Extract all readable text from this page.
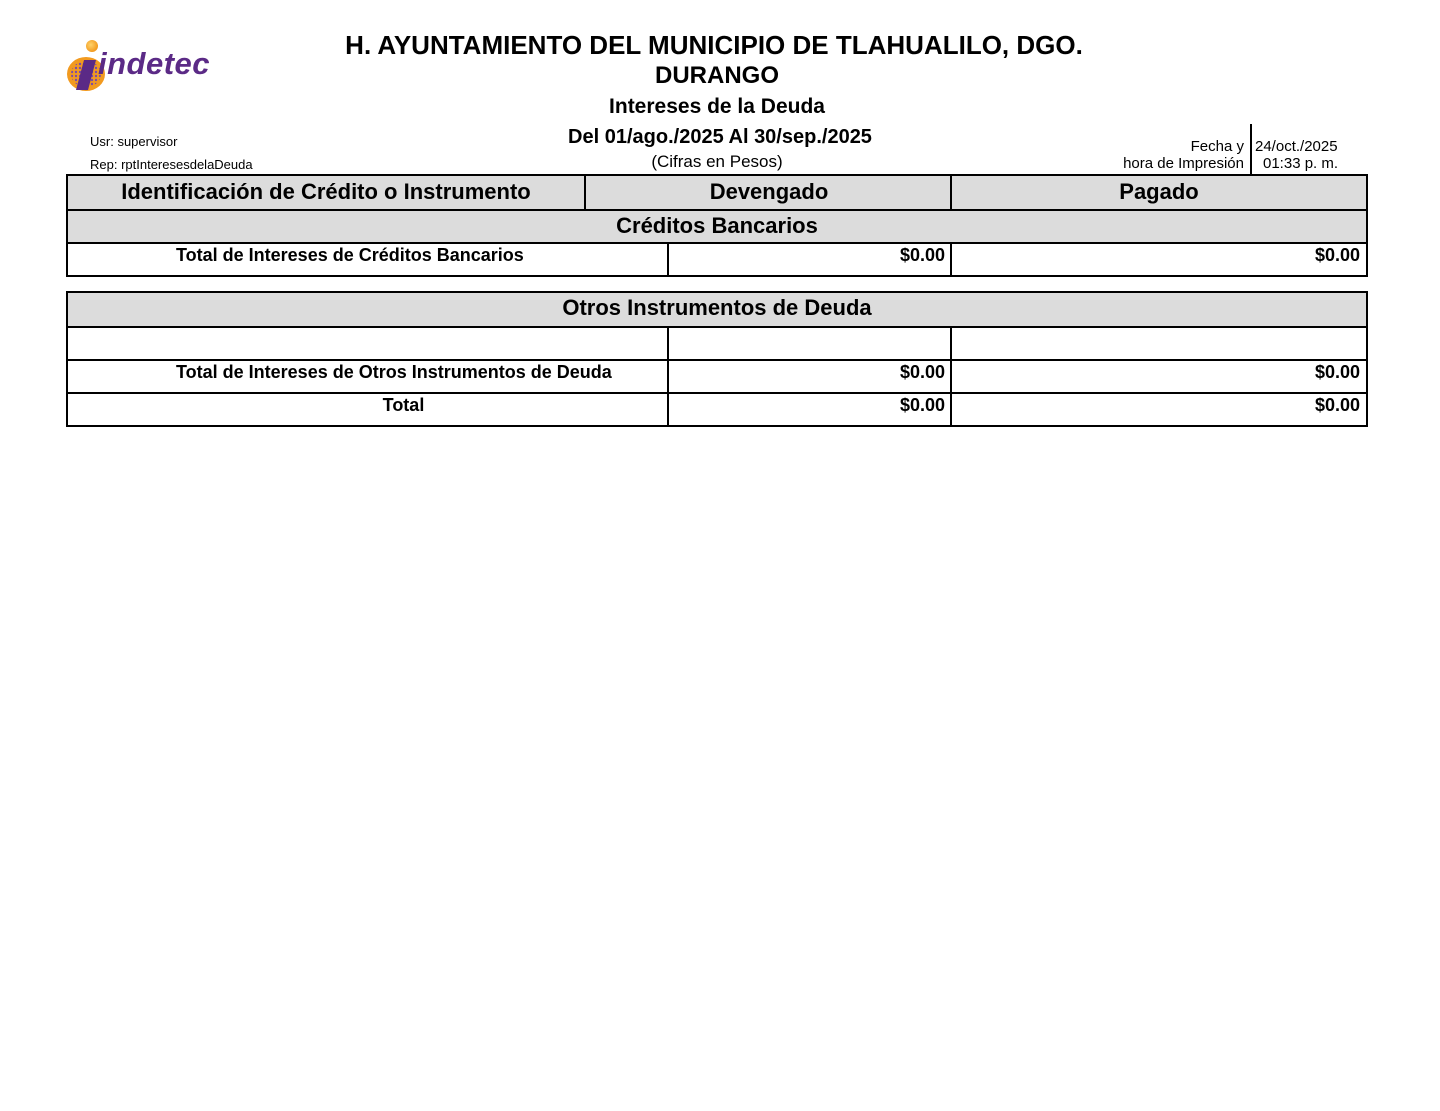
indetec
H. AYUNTAMIENTO DEL MUNICIPIO DE TLAHUALILO, DGO.
DURANGO
Intereses de la Deuda
Del 01/ago./2025 Al 30/sep./2025
(Cifras en Pesos)
Usr: supervisor
Rep: rptInteresesdelaDeuda
Fecha y
hora de Impresión
24/oct./2025
01:33 p. m.
Identificación de Crédito o Instrumento	Devengado	Pagado
Créditos Bancarios
Total de Intereses de Créditos Bancarios	$0.00	$0.00
Otros Instrumentos de Deuda
Total de Intereses de Otros Instrumentos de Deuda	$0.00	$0.00
Total	$0.00	$0.00
